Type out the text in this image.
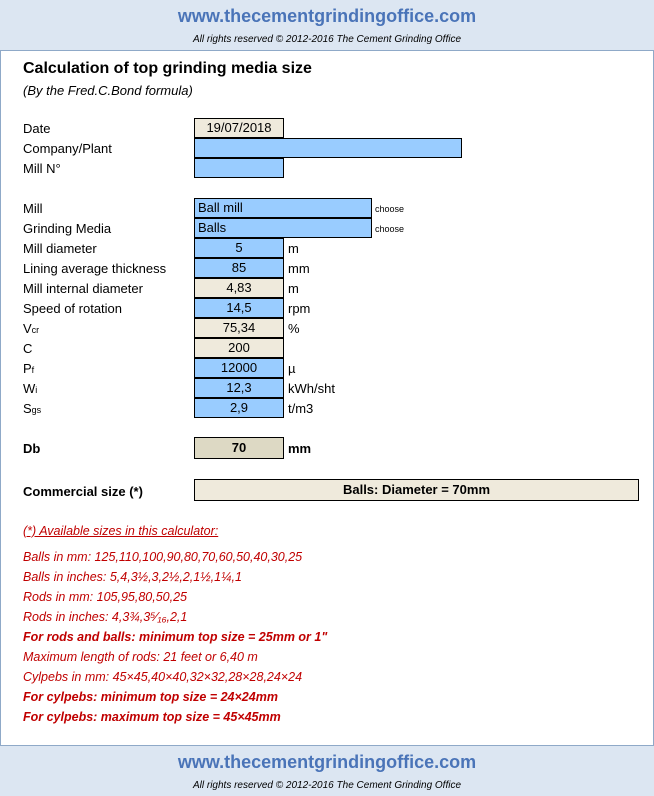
www.thecementgrindingoffice.com
All rights reserved © 2012-2016 The Cement Grinding Office
Calculation of top grinding media size
(By the Fred.C.Bond formula)
Date	19/07/2018
Company/Plant
Mill N°
Mill	Ball mill	choose
Grinding Media	Balls	choose
Mill diameter	5	m
Lining average thickness	85	mm
Mill internal diameter	4,83	m
Speed of rotation	14,5	rpm
Vcr	75,34	%
C	200
Pf	12000	µ
Wi	12,3	kWh/sht
Sgs	2,9	t/m3
Db	70	mm
Commercial size (*)	Balls: Diameter = 70mm
(*) Available sizes in this calculator:
Balls in mm: 125,110,100,90,80,70,60,50,40,30,25
Balls in inches: 5,4,3½,3,2½,2,1½,1¼,1
Rods in mm: 105,95,80,50,25
Rods in inches: 4,3¾,3⁵⁄₁₆,2,1
For rods and balls: minimum top size = 25mm or 1"
Maximum length of rods: 21 feet or 6,40 m
Cylpebs in mm: 45×45,40×40,32×32,28×28,24×24
For cylpebs: minimum top size = 24×24mm
For cylpebs: maximum top size = 45×45mm
www.thecementgrindingoffice.com
All rights reserved © 2012-2016 The Cement Grinding Office
